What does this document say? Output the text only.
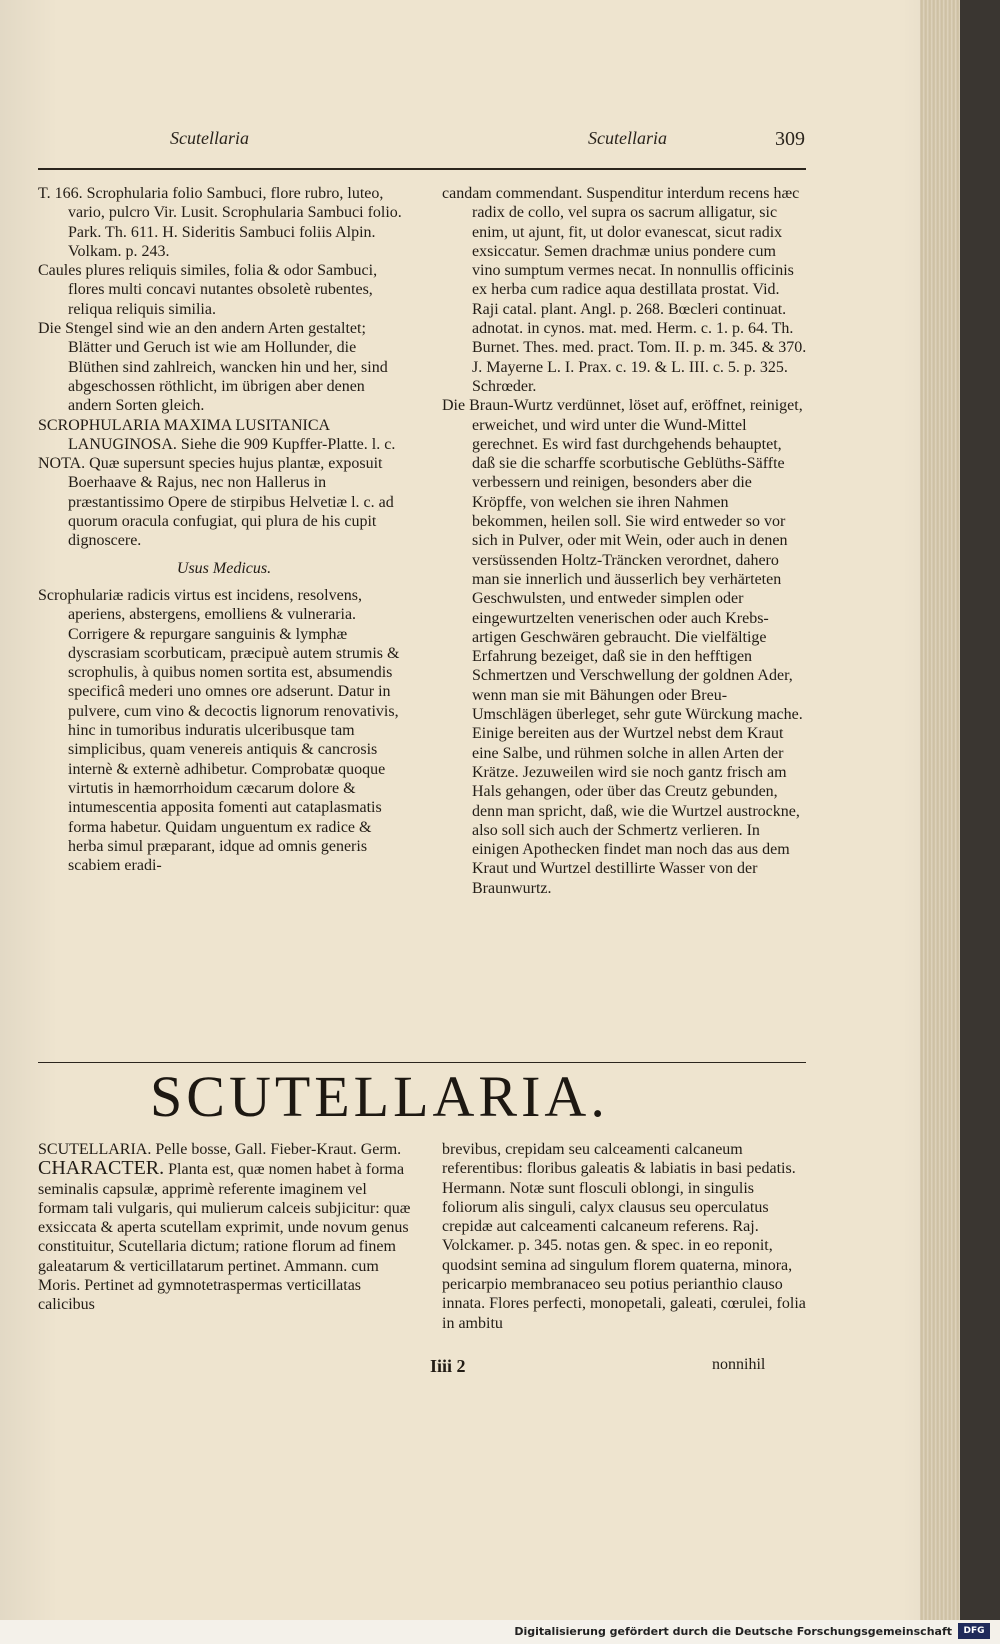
Scutellaria	Scutellaria	309

T. 166. Scrophularia folio Sambuci, flore rubro, luteo, vario, pulcro Vir. Lusit. Scrophularia Sambuci folio. Park. Th. 611. H. Sideritis Sambuci foliis Alpin. Volkam. p. 243.

Caules plures reliquis similes, folia & odor Sambuci, flores multi concavi nutantes obsoletè rubentes, reliqua reliquis similia.

Die Stengel sind wie an den andern Arten gestaltet; Blätter und Geruch ist wie am Hollunder, die Blüthen sind zahlreich, wancken hin und her, sind abgeschossen röthlicht, im übrigen aber denen andern Sorten gleich.

SCROPHULARIA MAXIMA LUSITANICA LANUGINOSA. Siehe die 909 Kupffer-Platte. l. c.

NOTA. Quæ supersunt species hujus plantæ, exposuit Boerhaave & Rajus, nec non Hallerus in præstantissimo Opere de stirpibus Helvetiæ l. c. ad quorum oracula confugiat, qui plura de his cupit dignoscere.

Usus Medicus.

Scrophulariæ radicis virtus est incidens, resolvens, aperiens, abstergens, emolliens & vulneraria. Corrigere & repurgare sanguinis & lymphæ dyscrasiam scorbuticam, præcipuè autem strumis & scrophulis, à quibus nomen sortita est, absumendis specificâ mederi uno omnes ore adserunt. Datur in pulvere, cum vino & decoctis lignorum renovativis, hinc in tumoribus induratis ulceribusque tam simplicibus, quam venereis antiquis & cancrosis internè & externè adhibetur. Comprobatæ quoque virtutis in hæmorrhoidum cæcarum dolore & intumescentia apposita fomenti aut cataplasmatis forma habetur. Quidam unguentum ex radice & herba simul præparant, idque ad omnis generis scabiem eradi-

candam commendant. Suspenditur interdum recens hæc radix de collo, vel supra os sacrum alligatur, sic enim, ut ajunt, fit, ut dolor evanescat, sicut radix exsiccatur. Semen drachmæ unius pondere cum vino sumptum vermes necat. In nonnullis officinis ex herba cum radice aqua destillata prostat. Vid. Raji catal. plant. Angl. p. 268. Bœcleri continuat. adnotat. in cynos. mat. med. Herm. c. 1. p. 64. Th. Burnet. Thes. med. pract. Tom. II. p. m. 345. & 370. J. Mayerne L. I. Prax. c. 19. & L. III. c. 5. p. 325. Schrœder.

Die Braun-Wurtz verdünnet, löset auf, eröffnet, reiniget, erweichet, und wird unter die Wund-Mittel gerechnet. Es wird fast durchgehends behauptet, daß sie die scharffe scorbutische Geblüths-Säffte verbessern und reinigen, besonders aber die Kröpffe, von welchen sie ihren Nahmen bekommen, heilen soll. Sie wird entweder so vor sich in Pulver, oder mit Wein, oder auch in denen versüssenden Holtz-Träncken verordnet, dahero man sie innerlich und äusserlich bey verhärteten Geschwulsten, und entweder simplen oder eingewurtzelten venerischen oder auch Krebs-artigen Geschwären gebraucht. Die vielfältige Erfahrung bezeiget, daß sie in den hefftigen Schmertzen und Verschwellung der goldnen Ader, wenn man sie mit Bähungen oder Breu-Umschlägen überleget, sehr gute Würckung mache. Einige bereiten aus der Wurtzel nebst dem Kraut eine Salbe, und rühmen solche in allen Arten der Krätze. Jezuweilen wird sie noch gantz frisch am Hals gehangen, oder über das Creutz gebunden, denn man spricht, daß, wie die Wurtzel austrockne, also soll sich auch der Schmertz verlieren. In einigen Apothecken findet man noch das aus dem Kraut und Wurtzel destillirte Wasser von der Braunwurtz.

SCUTELLARIA.

SCUTELLARIA. Pelle bosse, Gall. Fieber-Kraut. Germ.

CHARACTER. Planta est, quæ nomen habet à forma seminalis capsulæ, apprimè referente imaginem vel formam tali vulgaris, qui mulierum calceis subjicitur: quæ exsiccata & aperta scutellam exprimit, unde novum genus constituitur, Scutellaria dictum; ratione florum ad finem galeatarum & verticillatarum pertinet. Ammann. cum Moris. Pertinet ad gymnotetraspermas verticillatas calicibus

brevibus, crepidam seu calceamenti calcaneum referentibus: floribus galeatis & labiatis in basi pedatis. Hermann. Notæ sunt flosculi oblongi, in singulis foliorum alis singuli, calyx clausus seu operculatus crepidæ aut calceamenti calcaneum referens. Raj. Volckamer. p. 345. notas gen. & spec. in eo reponit, quodsint semina ad singulum florem quaterna, minora, pericarpio membranaceo seu potius perianthio clauso innata. Flores perfecti, monopetali, galeati, cœrulei, folia in ambitu

Iiii 2	nonnihil
Digitalisierung gefördert durch die Deutsche Forschungsgemeinschaft	DFG
